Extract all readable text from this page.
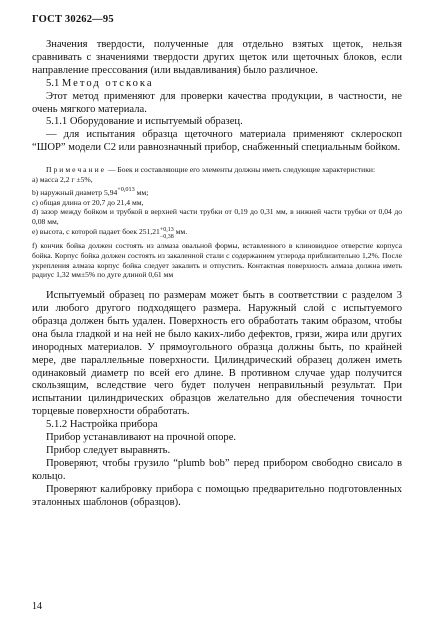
ГОСТ 30262—95

Значения твердости, полученные для отдельно взятых щеток, нельзя сравнивать с значениями твердости других щеток или щеточных блоков, если направление прессования (или выдавливания) было различное.

5.1 Метод отскока

Этот метод применяют для проверки качества продукции, в частности, не очень мягкого материала.

5.1.1 Оборудование и испытуемый образец.

— для испытания образца щеточного материала применяют склероскоп “ШОР” модели С2 или равнозначный прибор, снабженный специальным бойком.

Примечание — Боек и составляющие его элементы должны иметь следующие характеристики:

а) масса 2,2 г ±5%,

b) наружный диаметр $5,94^{+0,013}$ мм;

с) общая длина от 20,7 до 21,4 мм,

d) зазор между бойком и трубкой в верхней части трубки от 0,19 до 0,31 мм, в нижней части трубки от 0,04 до 0,08 мм,

е) высота, с которой падает боек 251,21 +0,13
−0,38
мм.

f) кончик бойка должен состоять из алмаза овальной формы, вставленного в клиновидное отверстие корпуса бойка. Корпус бойка должен состоять из закаленной стали с содержанием углерода приблизительно 1,2%. После укрепления алмаза корпус бойка следует закалить и отпустить. Контактная поверхность алмаза должна иметь радиус 1,32 мм±5% по дуге длиной 0,61 мм

Испытуемый образец по размерам может быть в соответствии с разделом 3 или любого другого подходящего размера. Наружный слой с испытуемого образца должен быть удален. Поверхность его обработать таким образом, чтобы она была гладкой и на ней не было каких-либо дефектов, грязи, жира или других инородных материалов. У прямоугольного образца должны быть, по крайней мере, две параллельные поверхности. Цилиндрический образец должен иметь одинаковый диаметр по всей его длине. В противном случае удар получится скользящим, вследствие чего будет получен неправильный результат. При испытании цилиндрических образцов желательно для обеспечения точности торцевые поверхности обработать.

5.1.2 Настройка прибора

Прибор устанавливают на прочной опоре.

Прибор следует выравнять.

Проверяют, чтобы грузило “plumb bob” перед прибором свободно свисало в кольцо.

Проверяют калибровку прибора с помощью предварительно подготовленных эталонных шаблонов (образцов).

14
